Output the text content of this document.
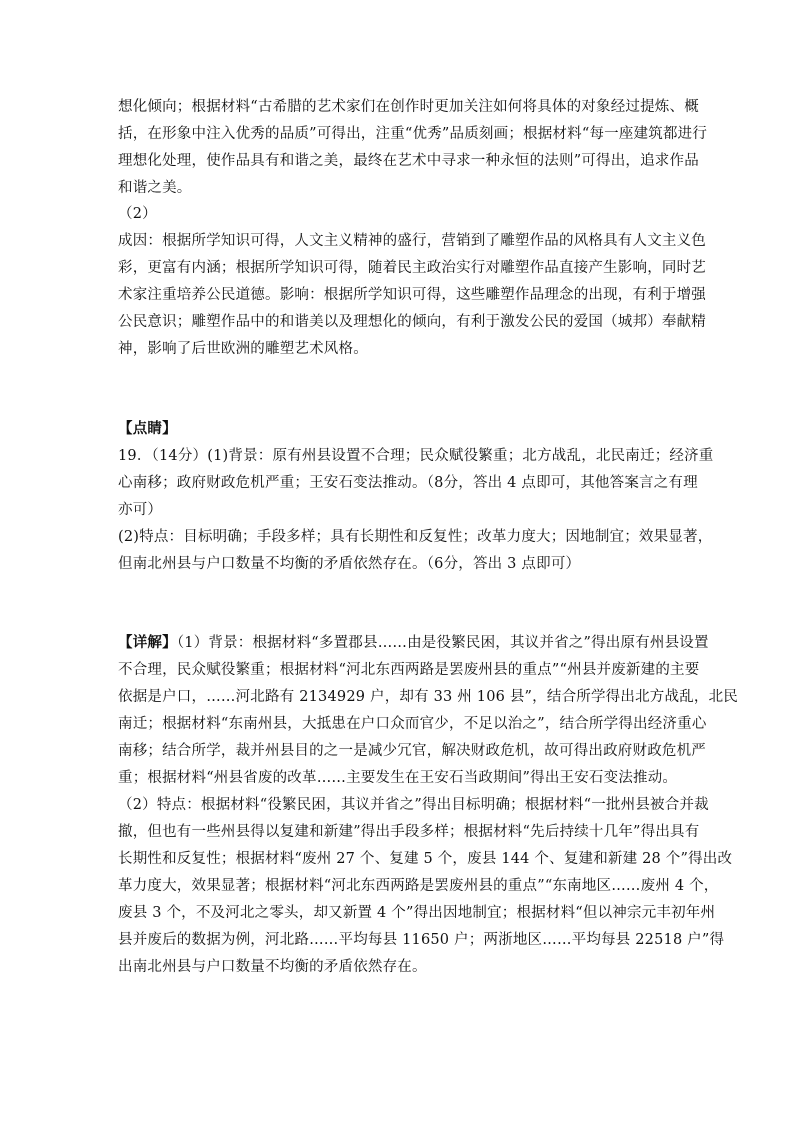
想化倾向；根据材料“古希腊的艺术家们在创作时更加关注如何将具体的对象经过提炼、概
括，在形象中注入优秀的品质”可得出，注重“优秀”品质刻画；根据材料“每一座建筑都进行
理想化处理，使作品具有和谐之美，最终在艺术中寻求一种永恒的法则”可得出，追求作品
和谐之美。
（2）
成因：根据所学知识可得，人文主义精神的盛行，营销到了雕塑作品的风格具有人文主义色
彩，更富有内涵；根据所学知识可得，随着民主政治实行对雕塑作品直接产生影响，同时艺
术家注重培养公民道德。影响：根据所学知识可得，这些雕塑作品理念的出现，有利于增强
公民意识；雕塑作品中的和谐美以及理想化的倾向，有利于激发公民的爱国（城邦）奉献精
神，影响了后世欧洲的雕塑艺术风格。
【点睛】
19．（14分）(1)背景：原有州县设置不合理；民众赋役繁重；北方战乱，北民南迁；经济重
心南移；政府财政危机严重；王安石变法推动。（8分，答出 4 点即可，其他答案言之有理
亦可）
(2)特点：目标明确；手段多样；具有长期性和反复性；改革力度大；因地制宜；效果显著，
但南北州县与户口数量不均衡的矛盾依然存在。（6分，答出 3 点即可）
【详解】（1）背景：根据材料“多置郡县……由是役繁民困，其议并省之”得出原有州县设置
不合理，民众赋役繁重；根据材料“河北东西两路是罢废州县的重点”“州县并废新建的主要
依据是户口，……河北路有 2134929 户，却有 33 州 106 县”，结合所学得出北方战乱，北民
南迁；根据材料“东南州县，大抵患在户口众而官少，不足以治之”，结合所学得出经济重心
南移；结合所学，裁并州县目的之一是减少冗官，解决财政危机，故可得出政府财政危机严
重；根据材料“州县省废的改革……主要发生在王安石当政期间”得出王安石变法推动。
（2）特点：根据材料“役繁民困，其议并省之”得出目标明确；根据材料“一批州县被合并裁
撤，但也有一些州县得以复建和新建”得出手段多样；根据材料“先后持续十几年”得出具有
长期性和反复性；根据材料“废州 27 个、复建 5 个，废县 144 个、复建和新建 28 个”得出改
革力度大，效果显著；根据材料“河北东西两路是罢废州县的重点”“东南地区……废州 4 个，
废县 3 个，不及河北之零头，却又新置 4 个”得出因地制宜；根据材料“但以神宗元丰初年州
县并废后的数据为例，河北路……平均每县 11650 户；两浙地区……平均每县 22518 户”得
出南北州县与户口数量不均衡的矛盾依然存在。
